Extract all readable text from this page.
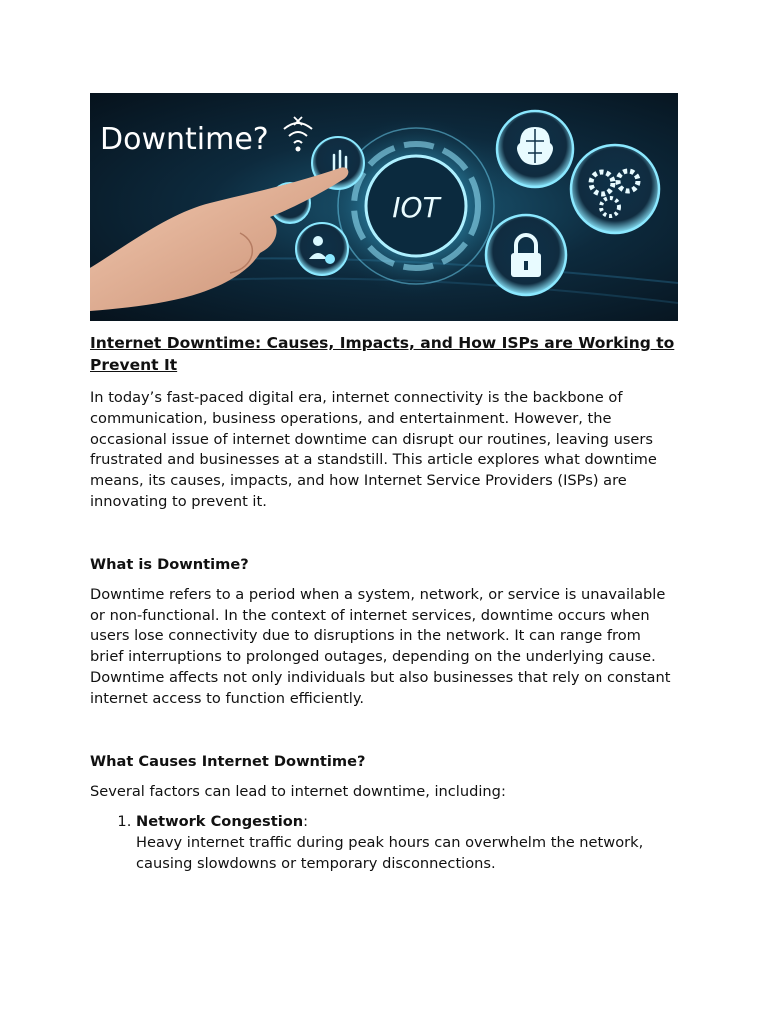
Downtime?
IOT
Internet Downtime: Causes, Impacts, and How ISPs are Working to Prevent It

In today’s fast-paced digital era, internet connectivity is the backbone of communication, business operations, and entertainment. However, the occasional issue of internet downtime can disrupt our routines, leaving users frustrated and businesses at a standstill. This article explores what downtime means, its causes, impacts, and how Internet Service Providers (ISPs) are innovating to prevent it.

What is Downtime?

Downtime refers to a period when a system, network, or service is unavailable or non-functional. In the context of internet services, downtime occurs when users lose connectivity due to disruptions in the network. It can range from brief interruptions to prolonged outages, depending on the underlying cause. Downtime affects not only individuals but also businesses that rely on constant internet access to function efficiently.

What Causes Internet Downtime?

Several factors can lead to internet downtime, including:

1. Network Congestion:
Heavy internet traffic during peak hours can overwhelm the network, causing slowdowns or temporary disconnections.
